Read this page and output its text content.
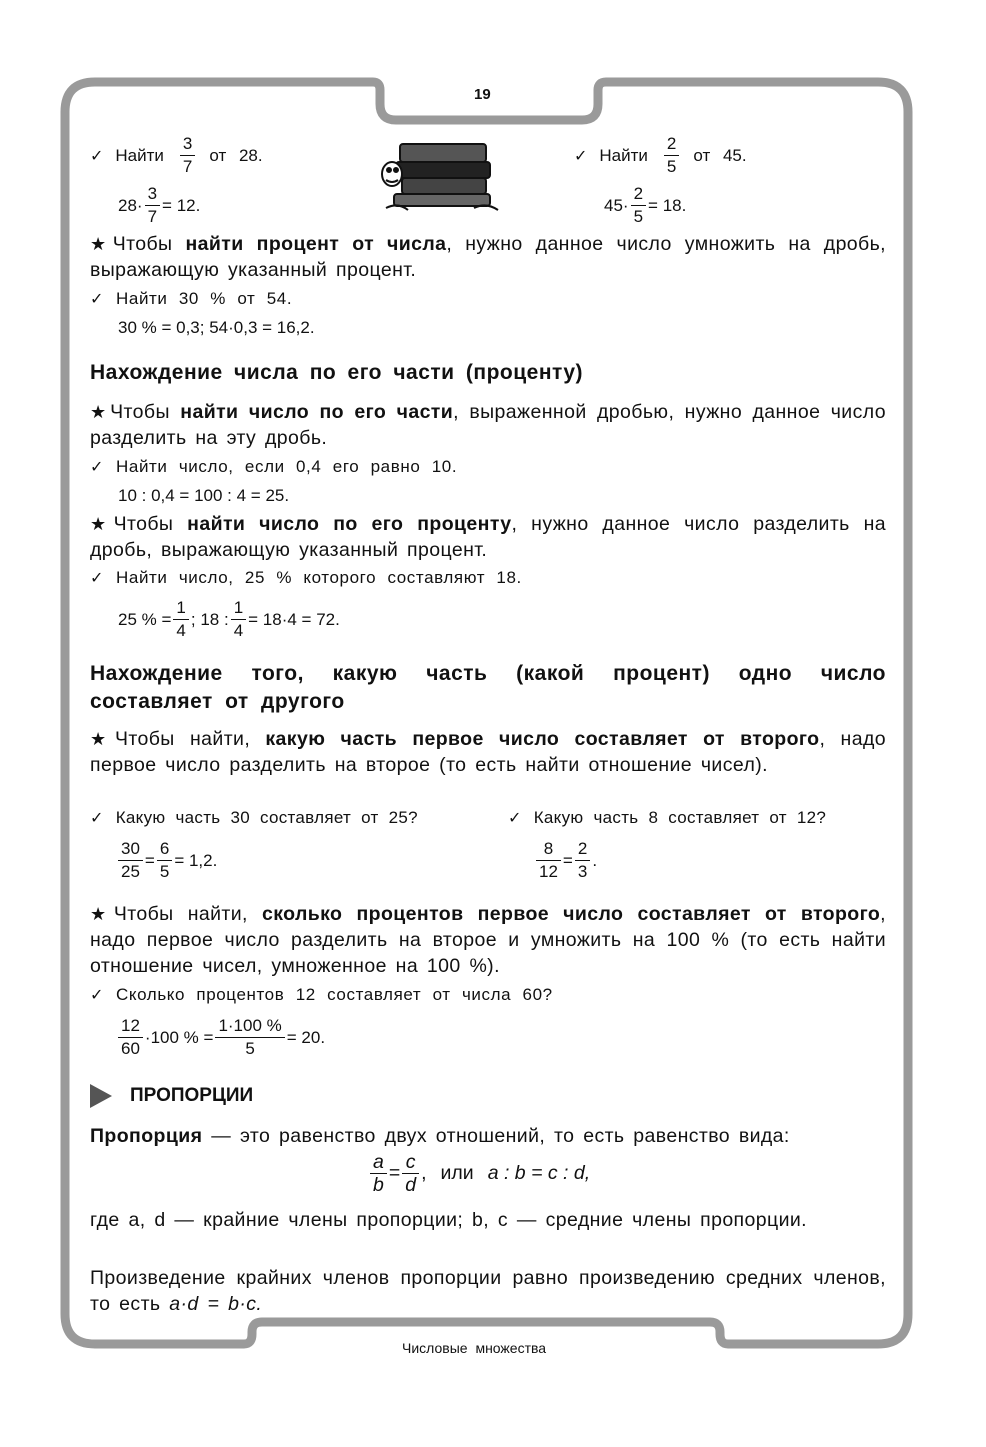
19
✓ Найти $\frac{3}{7}$ от 28.
$28\cdot \frac{3}{7} = 12$.
✓ Найти $\frac{2}{5}$ от 45.
$45\cdot \frac{2}{5} = 18$.
★ Чтобы найти процент от числа, нужно данное число умножить на дробь, выражающую указанный процент.
✓ Найти 30 % от 54.
30 % = 0,3; 54·0,3 = 16,2.
Нахождение числа по его части (проценту)
★ Чтобы найти число по его части, выраженной дробью, нужно данное число разделить на эту дробь.
✓ Найти число, если 0,4 его равно 10.
10 : 0,4 = 100 : 4 = 25.
★ Чтобы найти число по его проценту, нужно данное число разделить на дробь, выражающую указанный процент.
✓ Найти число, 25 % которого составляют 18.
25 % = $\frac{1}{4}$ ; 18 : $\frac{1}{4} = 18\cdot 4 = 72$.
Нахождение того, какую часть (какой процент) одно число составляет от другого
★ Чтобы найти, какую часть первое число составляет от второго, надо первое число разделить на второе (то есть найти отношение чисел).
✓ Какую часть 30 составляет от 25?
$\frac{30}{25} = \frac{6}{5} = 1,2$.
✓ Какую часть 8 составляет от 12?
$\frac{8}{12} = \frac{2}{3}$ .
★ Чтобы найти, сколько процентов первое число составляет от второго, надо первое число разделить на второе и умножить на 100 % (то есть найти отношение чисел, умноженное на 100 %).
✓ Сколько процентов 12 составляет от числа 60?
$\frac{12}{60} \cdot 100$ % = $\frac{1\cdot 100 \%}{5} = 20$.
ПРОПОРЦИИ
Пропорция — это равенство двух отношений, то есть равенство вида:
$\frac{a}{b} = \frac{c}{d}$ , или a : b = c : d,
где a, d — крайние члены пропорции; b, c — средние члены пропорции.
Произведение крайних членов пропорции равно произведению средних членов, то есть a·d = b·c.
Числовые множества
